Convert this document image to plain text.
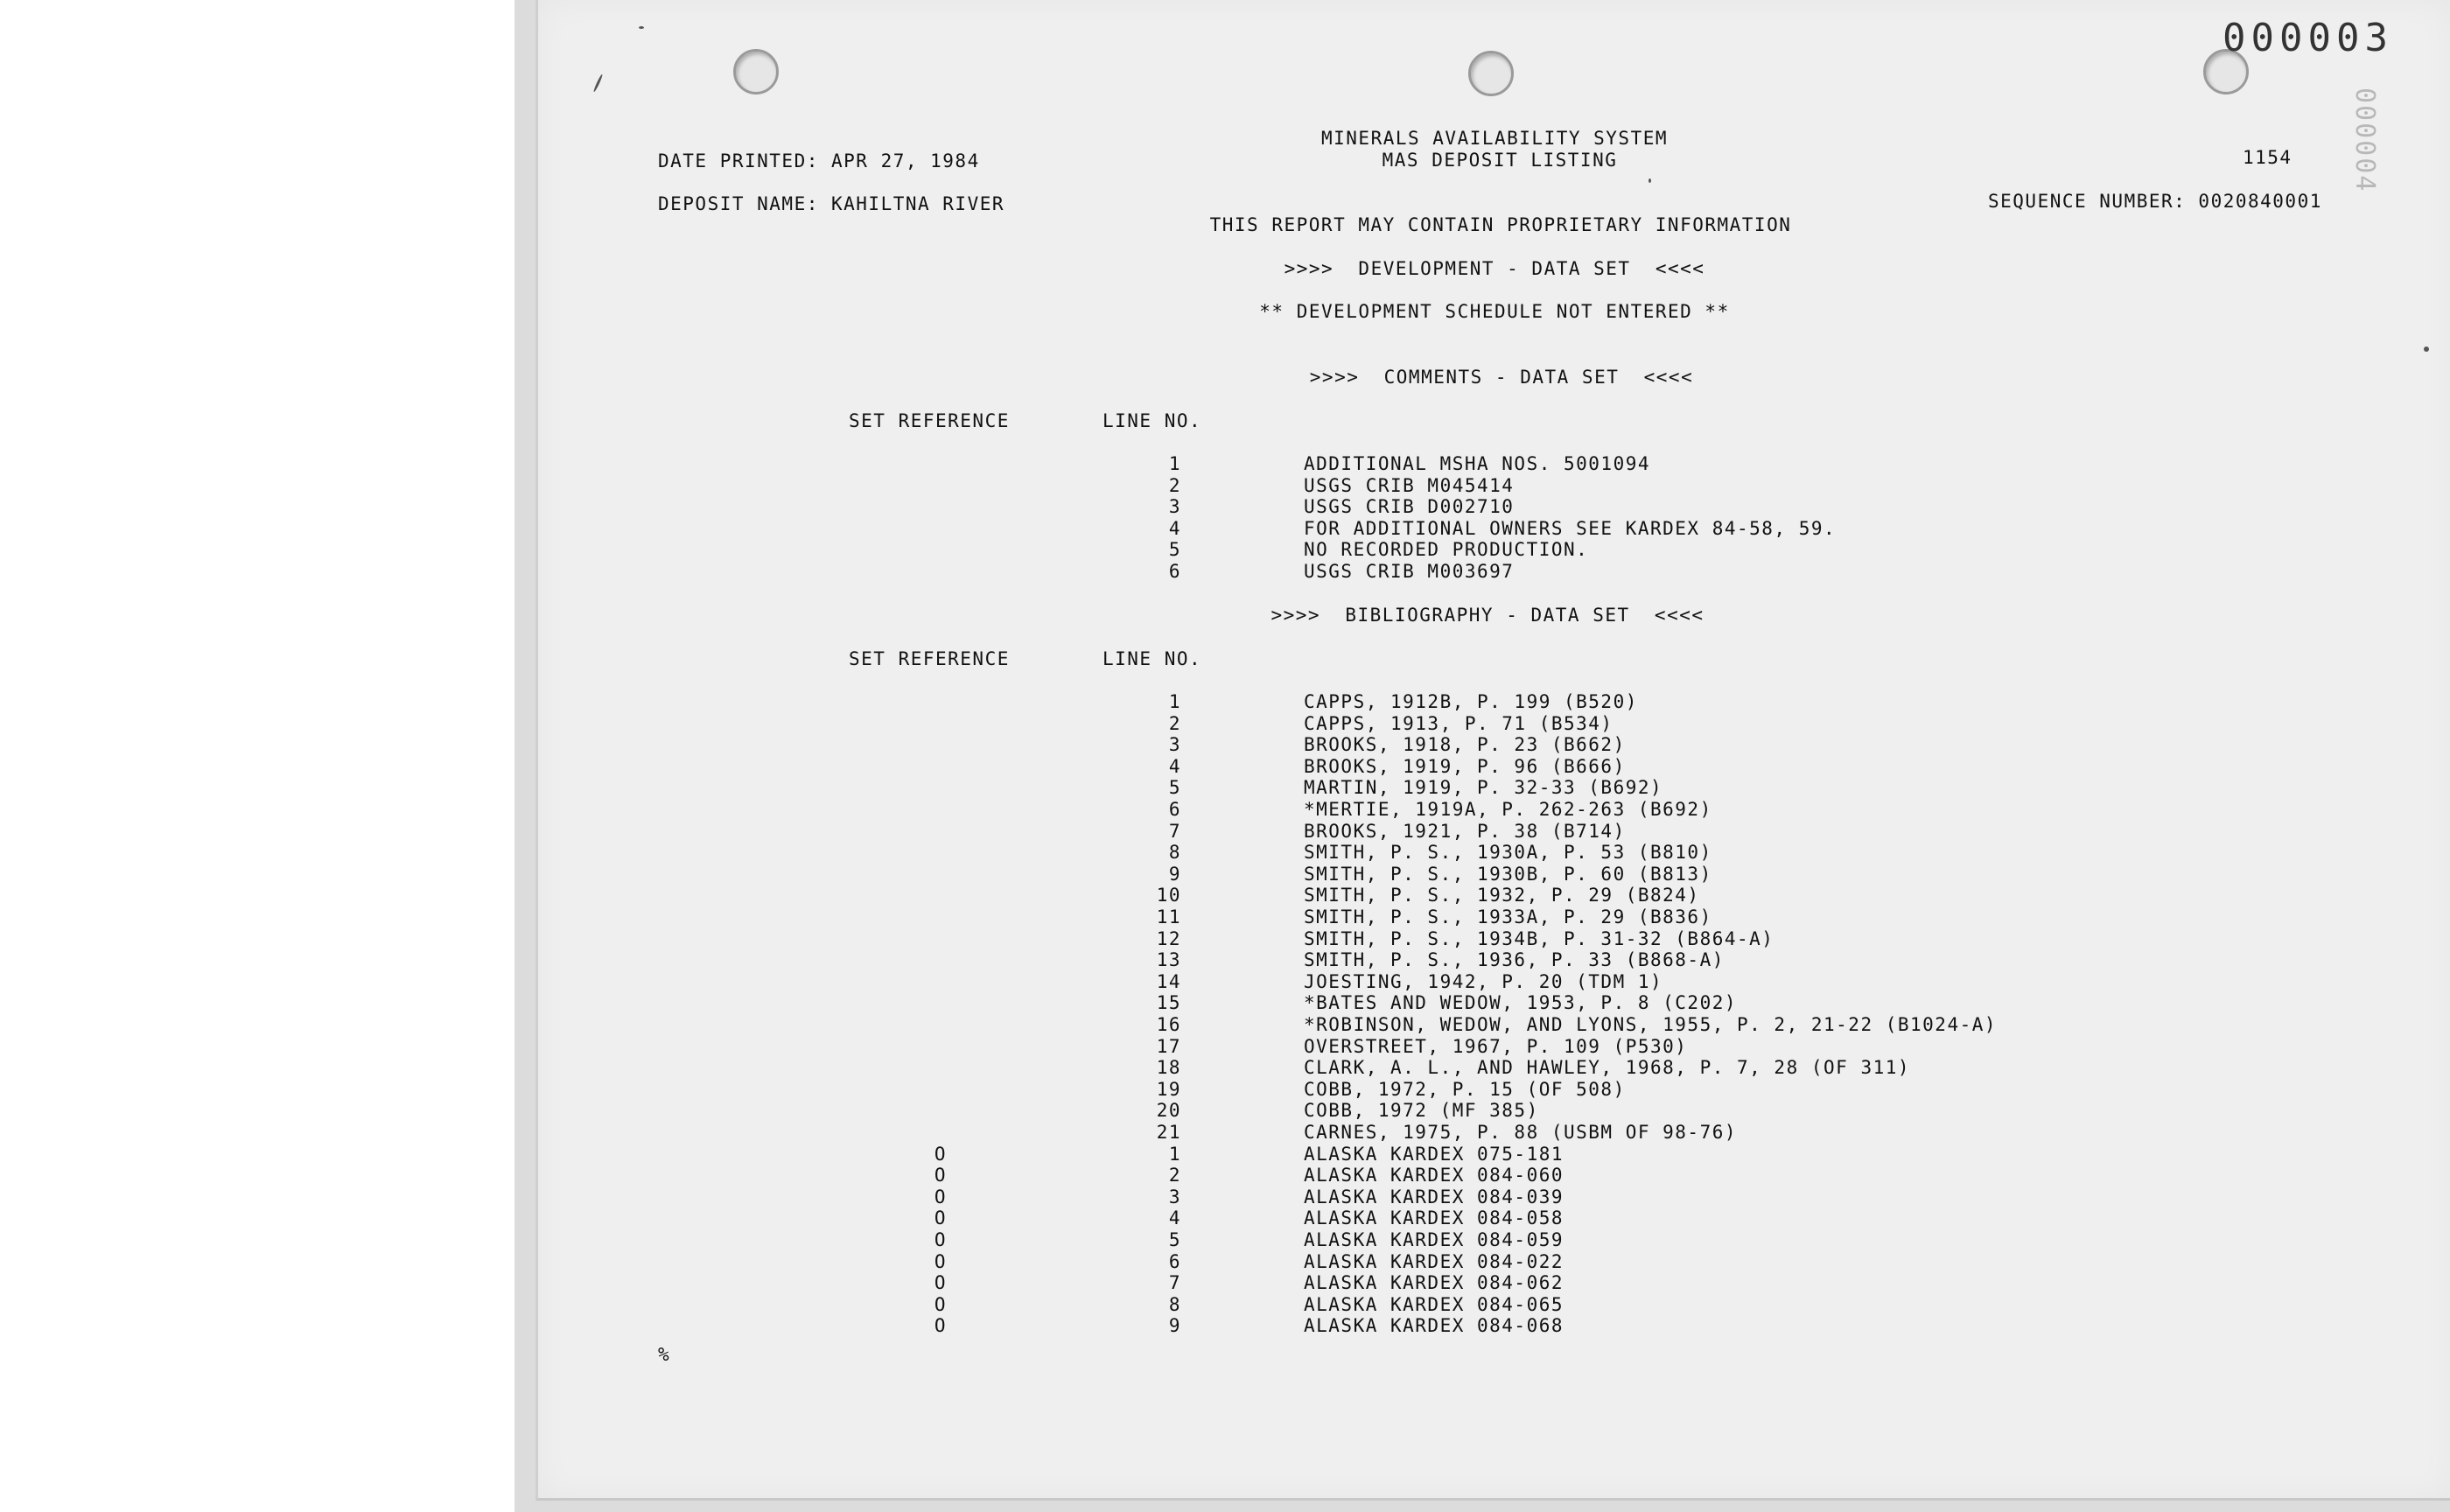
000003
000004
MINERALS AVAILABILITY SYSTEM
MAS DEPOSIT LISTING
DATE PRINTED: APR 27, 1984	1154
DEPOSIT NAME: KAHILTNA RIVER	SEQUENCE NUMBER: 0020840001
THIS REPORT MAY CONTAIN PROPRIETARY INFORMATION
>>>>  DEVELOPMENT - DATA SET  <<<<
** DEVELOPMENT SCHEDULE NOT ENTERED **
>>>>  COMMENTS - DATA SET  <<<<
SET REFERENCE	LINE NO.
1	ADDITIONAL MSHA NOS. 5001094
2	USGS CRIB M045414
3	USGS CRIB D002710
4	FOR ADDITIONAL OWNERS SEE KARDEX 84-58, 59.
5	NO RECORDED PRODUCTION.
6	USGS CRIB M003697
>>>>  BIBLIOGRAPHY - DATA SET  <<<<
SET REFERENCE	LINE NO.
1	CAPPS, 1912B, P. 199 (B520)
2	CAPPS, 1913, P. 71 (B534)
3	BROOKS, 1918, P. 23 (B662)
4	BROOKS, 1919, P. 96 (B666)
5	MARTIN, 1919, P. 32-33 (B692)
6	*MERTIE, 1919A, P. 262-263 (B692)
7	BROOKS, 1921, P. 38 (B714)
8	SMITH, P. S., 1930A, P. 53 (B810)
9	SMITH, P. S., 1930B, P. 60 (B813)
10	SMITH, P. S., 1932, P. 29 (B824)
11	SMITH, P. S., 1933A, P. 29 (B836)
12	SMITH, P. S., 1934B, P. 31-32 (B864-A)
13	SMITH, P. S., 1936, P. 33 (B868-A)
14	JOESTING, 1942, P. 20 (TDM 1)
15	*BATES AND WEDOW, 1953, P. 8 (C202)
16	*ROBINSON, WEDOW, AND LYONS, 1955, P. 2, 21-22 (B1024-A)
17	OVERSTREET, 1967, P. 109 (P530)
18	CLARK, A. L., AND HAWLEY, 1968, P. 7, 28 (OF 311)
19	COBB, 1972, P. 15 (OF 508)
20	COBB, 1972 (MF 385)
21	CARNES, 1975, P. 88 (USBM OF 98-76)
O	1	ALASKA KARDEX 075-181
O	2	ALASKA KARDEX 084-060
O	3	ALASKA KARDEX 084-039
O	4	ALASKA KARDEX 084-058
O	5	ALASKA KARDEX 084-059
O	6	ALASKA KARDEX 084-022
O	7	ALASKA KARDEX 084-062
O	8	ALASKA KARDEX 084-065
O	9	ALASKA KARDEX 084-068
%
